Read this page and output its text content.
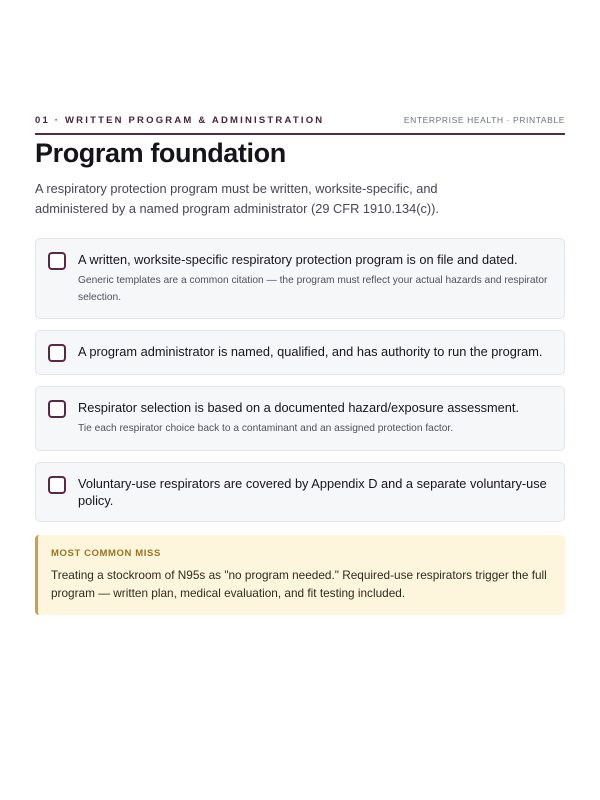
01 · WRITTEN PROGRAM & ADMINISTRATION	ENTERPRISE HEALTH · PRINTABLE
Program foundation

A respiratory protection program must be written, worksite-specific, and administered by a named program administrator (29 CFR 1910.134(c)).

A written, worksite-specific respiratory protection program is on file and dated.
Generic templates are a common citation — the program must reflect your actual hazards and respirator selection.
A program administrator is named, qualified, and has authority to run the program.
Respirator selection is based on a documented hazard/exposure assessment.
Tie each respirator choice back to a contaminant and an assigned protection factor.
Voluntary-use respirators are covered by Appendix D and a separate voluntary-use policy.
MOST COMMON MISS
Treating a stockroom of N95s as "no program needed." Required-use respirators trigger the full program — written plan, medical evaluation, and fit testing included.
